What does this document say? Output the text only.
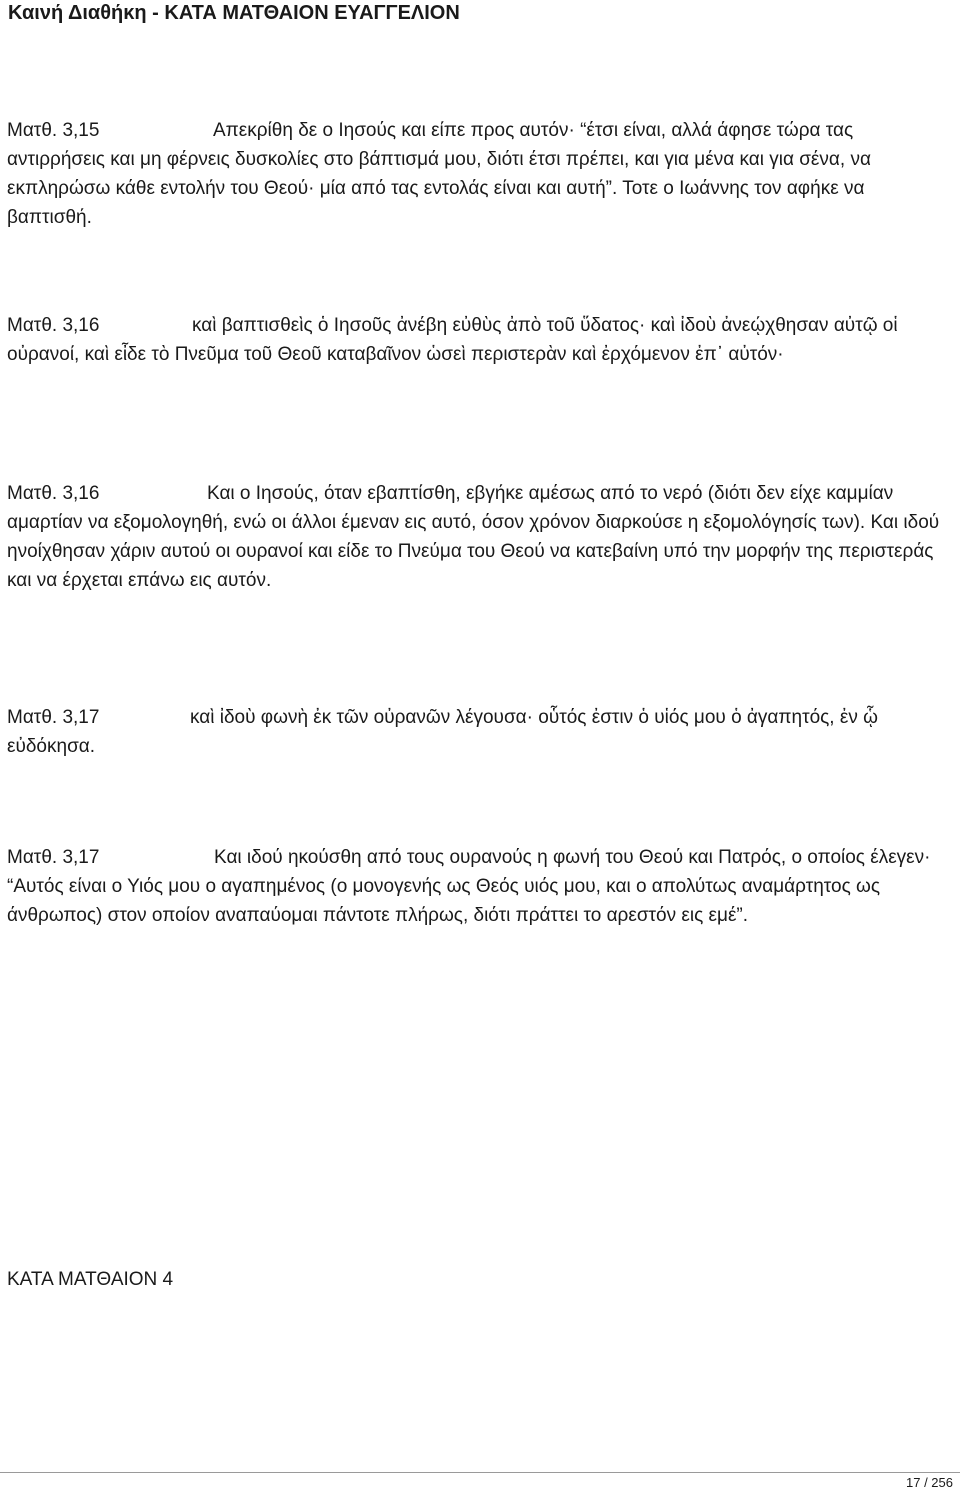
Καινή Διαθήκη - ΚΑΤΑ ΜΑΤΘΑΙΟΝ ΕΥΑΓΓΕΛΙΟΝ

Ματθ. 3,15	Απεκρίθη δε ο Ιησούς και είπε προς αυτόν· “έτσι είναι, αλλά άφησε τώρα τας αντιρρήσεις και μη φέρνεις δυσκολίες στο βάπτισμά μου, διότι έτσι πρέπει, και για μένα και για σένα, να εκπληρώσω κάθε εντολήν του Θεού· μία από τας εντολάς είναι και αυτή”. Τοτε ο Ιωάννης τον αφήκε να βαπτισθή.

Ματθ. 3,16	καὶ βαπτισθεὶς ὁ Ιησοῦς ἀνέβη εὐθὺς ἀπὸ τοῦ ὕδατος· καὶ ἰδοὺ ἀνεῴχθησαν αὐτῷ οἱ οὐρανοί, καὶ εἶδε τὸ Πνεῦμα τοῦ Θεοῦ καταβαῖνον ὡσεὶ περιστερὰν καὶ ἐρχόμενον ἐπ᾿ αὐτόν·

Ματθ. 3,16	Και ο Ιησούς, όταν εβαπτίσθη, εβγήκε αμέσως από το νερό (διότι δεν είχε καμμίαν αμαρτίαν να εξομολογηθή, ενώ οι άλλοι έμεναν εις αυτό, όσον χρόνον διαρκούσε η εξομολόγησίς των). Και ιδού ηνοίχθησαν χάριν αυτού οι ουρανοί και είδε το Πνεύμα του Θεού να κατεβαίνη υπό την μορφήν της περιστεράς και να έρχεται επάνω εις αυτόν.

Ματθ. 3,17	καὶ ἰδοὺ φωνὴ ἐκ τῶν οὐρανῶν λέγουσα· οὗτός ἐστιν ὁ υἱός μου ὁ ἀγαπητός, ἐν ᾧ εὐδόκησα.

Ματθ. 3,17	Και ιδού ηκούσθη από τους ουρανούς η φωνή του Θεού και Πατρός, ο οποίος έλεγεν· “Αυτός είναι ο Υιός μου ο αγαπημένος (ο μονογενής ως Θεός υιός μου, και ο απολύτως αναμάρτητος ως άνθρωπος) στον οποίον αναπαύομαι πάντοτε πλήρως, διότι πράττει το αρεστόν εις εμέ”.

ΚΑΤΑ ΜΑΤΘΑΙΟΝ 4
17 / 256
